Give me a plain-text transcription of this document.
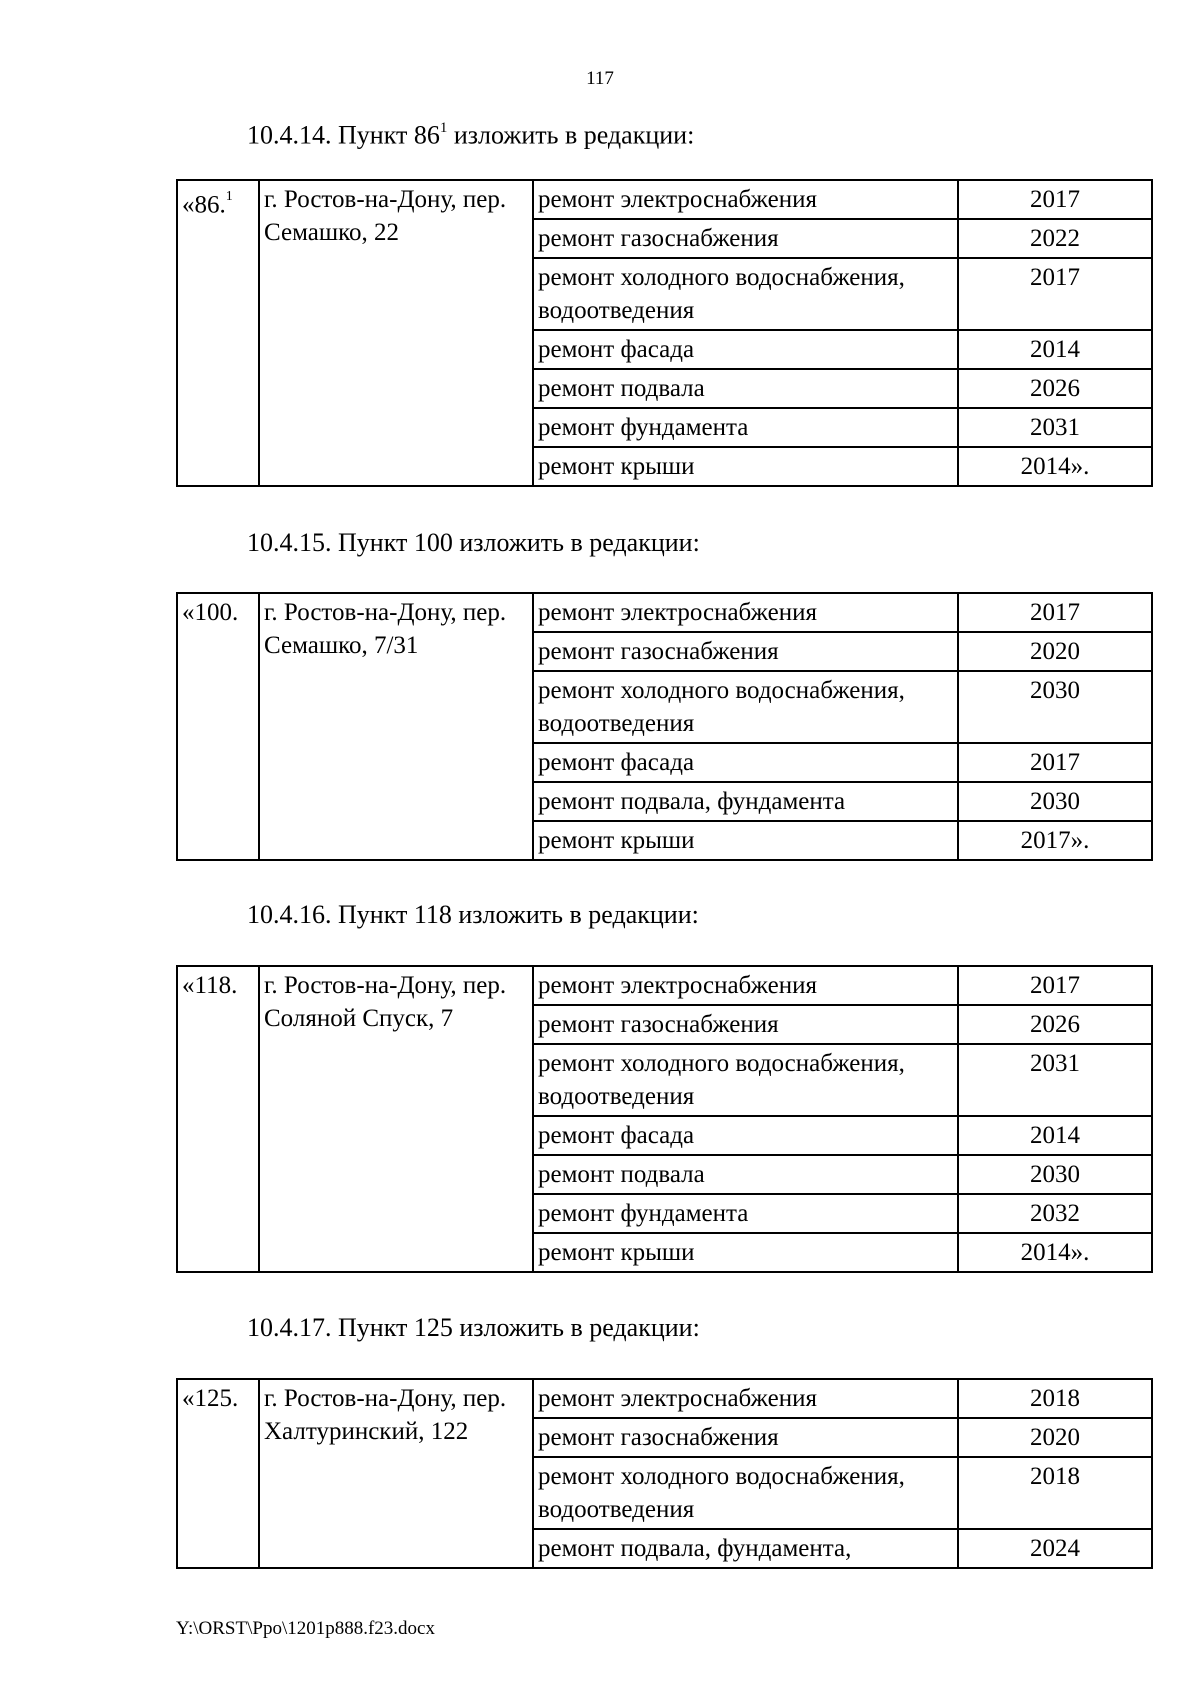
117
10.4.14. Пункт $86^1$ изложить в редакции:
«86.$^1$	г. Ростов-на-Дону, пер. Семашко, 22	ремонт электроснабжения	2017
		ремонт газоснабжения	2022
		ремонт холодного водоснабжения, водоотведения	2017
		ремонт фасада	2014
		ремонт подвала	2026
		ремонт фундамента	2031
		ремонт крыши	2014».
10.4.15. Пункт 100 изложить в редакции:
«100.	г. Ростов-на-Дону, пер. Семашко, 7/31	ремонт электроснабжения	2017
		ремонт газоснабжения	2020
		ремонт холодного водоснабжения, водоотведения	2030
		ремонт фасада	2017
		ремонт подвала, фундамента	2030
		ремонт крыши	2017».
10.4.16. Пункт 118 изложить в редакции:
«118.	г. Ростов-на-Дону, пер. Соляной Спуск, 7	ремонт электроснабжения	2017
		ремонт газоснабжения	2026
		ремонт холодного водоснабжения, водоотведения	2031
		ремонт фасада	2014
		ремонт подвала	2030
		ремонт фундамента	2032
		ремонт крыши	2014».
10.4.17. Пункт 125 изложить в редакции:
«125.	г. Ростов-на-Дону, пер. Халтуринский, 122	ремонт электроснабжения	2018
		ремонт газоснабжения	2020
		ремонт холодного водоснабжения, водоотведения	2018
		ремонт подвала, фундамента,	2024
Y:\ORST\Ppo\1201p888.f23.docx
